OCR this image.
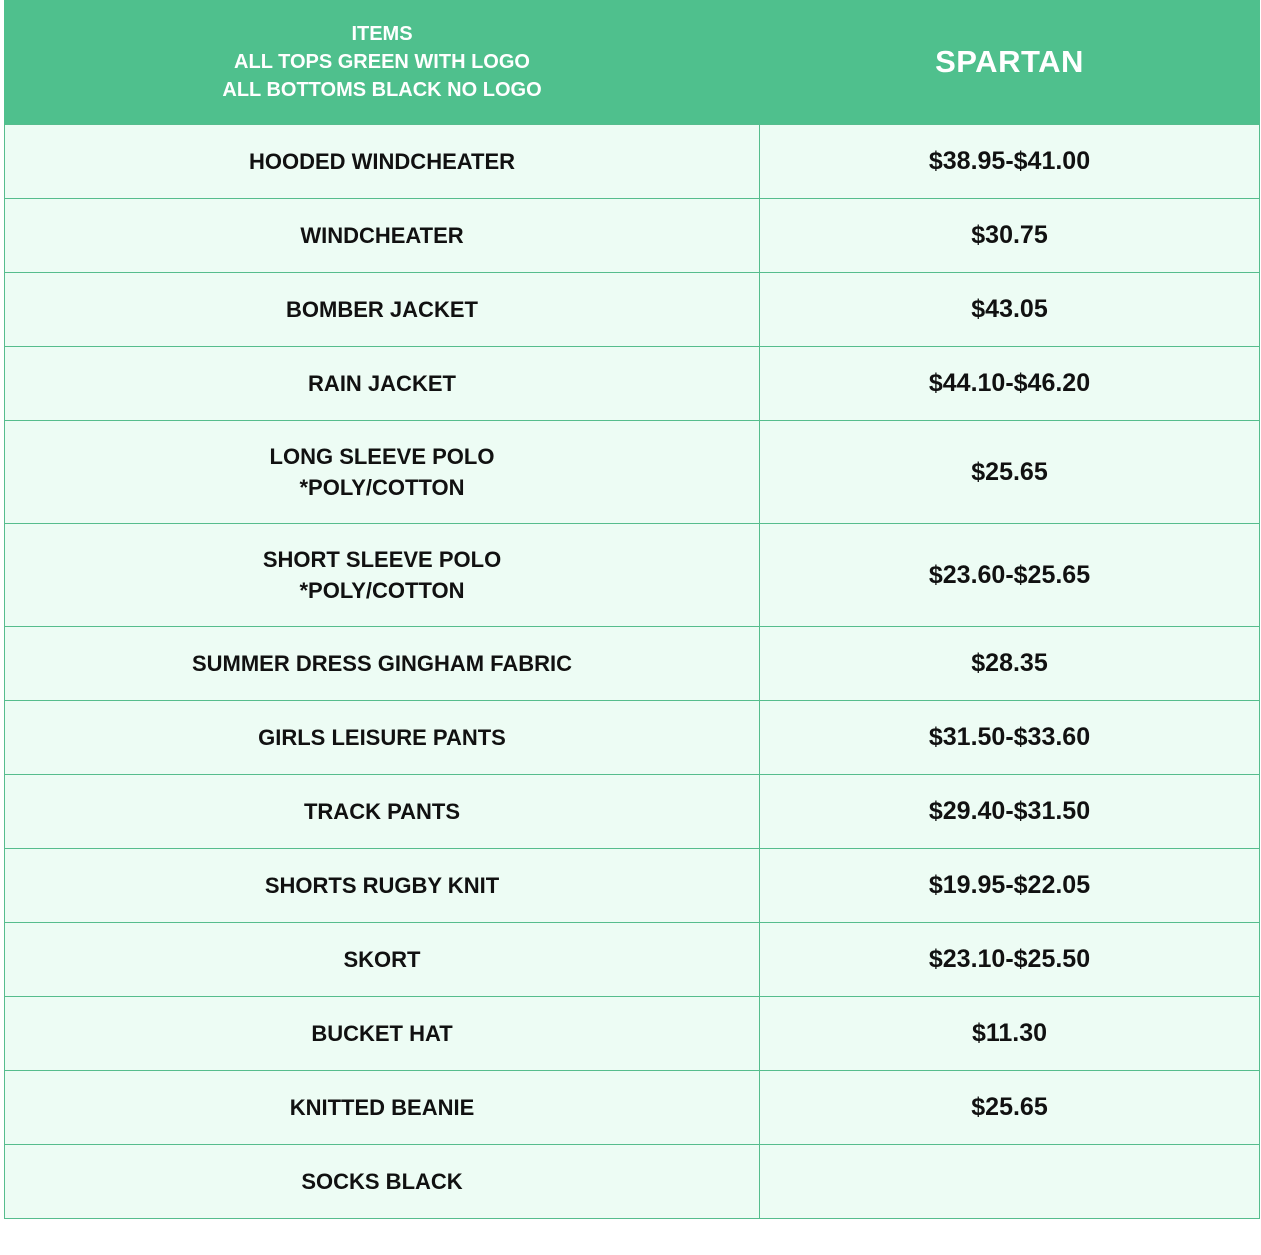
ITEMS
ALL TOPS GREEN WITH LOGO
ALL BOTTOMS BLACK NO LOGO	SPARTAN

HOODED WINDCHEATER	$38.95-$41.00

WINDCHEATER	$30.75

BOMBER JACKET	$43.05

RAIN JACKET	$44.10-$46.20

LONG SLEEVE POLO
*POLY/COTTON	$25.65

SHORT SLEEVE POLO
*POLY/COTTON	$23.60-$25.65

SUMMER DRESS GINGHAM FABRIC	$28.35

GIRLS LEISURE PANTS	$31.50-$33.60

TRACK PANTS	$29.40-$31.50

SHORTS RUGBY KNIT	$19.95-$22.05

SKORT	$23.10-$25.50

BUCKET HAT	$11.30

KNITTED BEANIE	$25.65

SOCKS BLACK	
